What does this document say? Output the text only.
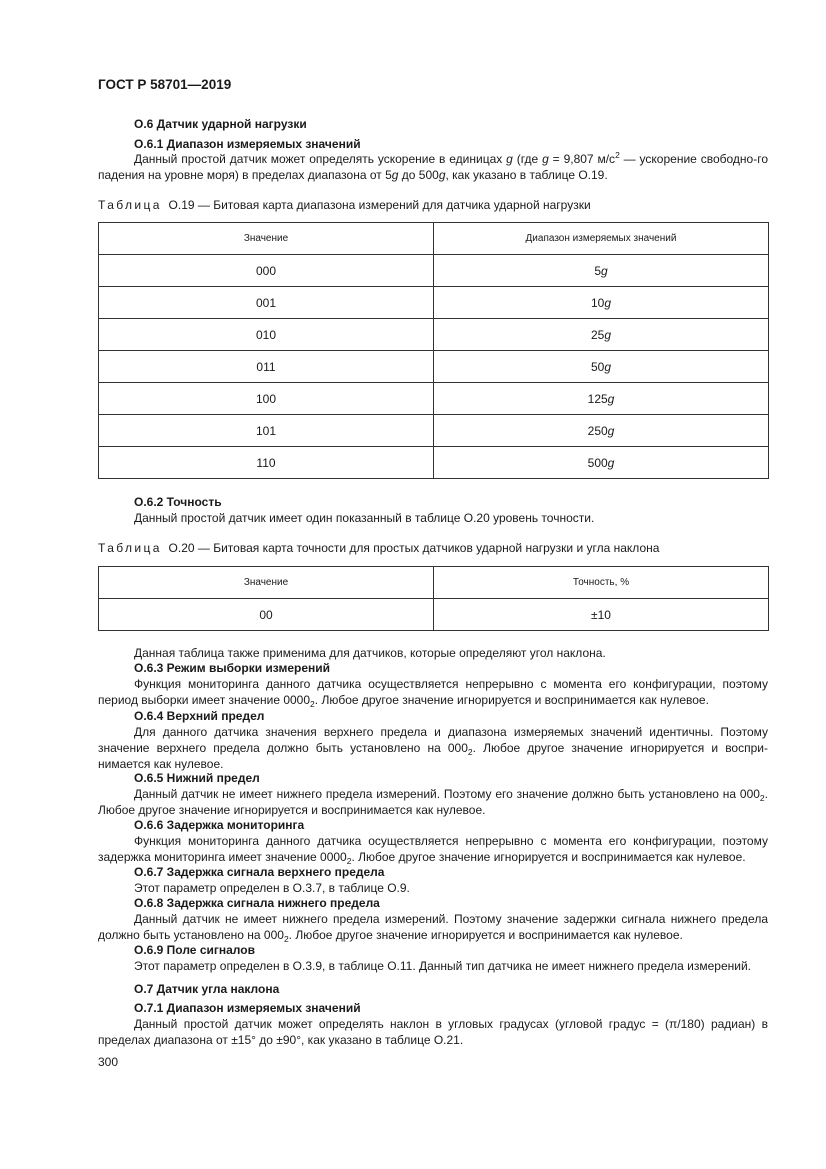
ГОСТ Р 58701—2019
О.6 Датчик ударной нагрузки
О.6.1 Диапазон измеряемых значений
Данный простой датчик может определять ускорение в единицах g (где g = 9,807 $м/с^2$ — ускорение свободно-го падения на уровне моря) в пределах диапазона от 5g до 500g, как указано в таблице О.19.
Таблица  О.19 — Битовая карта диапазона измерений для датчика ударной нагрузки
Значение	Диапазон измеряемых значений
000	5g
001	10g
010	25g
011	50g
100	125g
101	250g
110	500g
О.6.2 Точность
Данный простой датчик имеет один показанный в таблице О.20 уровень точности.
Таблица  О.20 — Битовая карта точности для простых датчиков ударной нагрузки и угла наклона
Значение	Точность, %
00	±10
Данная таблица также применима для датчиков, которые определяют угол наклона.
О.6.3 Режим выборки измерений
Функция мониторинга данного датчика осуществляется непрерывно с момента его конфигурации, поэтому период выборки имеет значение $0000_2$. Любое другое значение игнорируется и воспринимается как нулевое.
О.6.4 Верхний предел
Для данного датчика значения верхнего предела и диапазона измеряемых значений идентичны. Поэтому значение верхнего предела должно быть установлено на $000_2$. Любое другое значение игнорируется и воспри-нимается как нулевое.
О.6.5 Нижний предел
Данный датчик не имеет нижнего предела измерений. Поэтому его значение должно быть установлено на $000_2$. Любое другое значение игнорируется и воспринимается как нулевое.
О.6.6 Задержка мониторинга
Функция мониторинга данного датчика осуществляется непрерывно с момента его конфигурации, поэтому задержка мониторинга имеет значение $0000_2$. Любое другое значение игнорируется и воспринимается как нулевое.
О.6.7 Задержка сигнала верхнего предела
Этот параметр определен в О.3.7, в таблице О.9.
О.6.8 Задержка сигнала нижнего предела
Данный датчик не имеет нижнего предела измерений. Поэтому значение задержки сигнала нижнего предела должно быть установлено на $000_2$. Любое другое значение игнорируется и воспринимается как нулевое.
О.6.9 Поле сигналов
Этот параметр определен в О.3.9, в таблице О.11. Данный тип датчика не имеет нижнего предела измерений.
О.7 Датчик угла наклона
О.7.1 Диапазон измеряемых значений
Данный простой датчик может определять наклон в угловых градусах (угловой градус = (π/180) радиан) в пределах диапазона от ±15° до ±90°, как указано в таблице О.21.
300
